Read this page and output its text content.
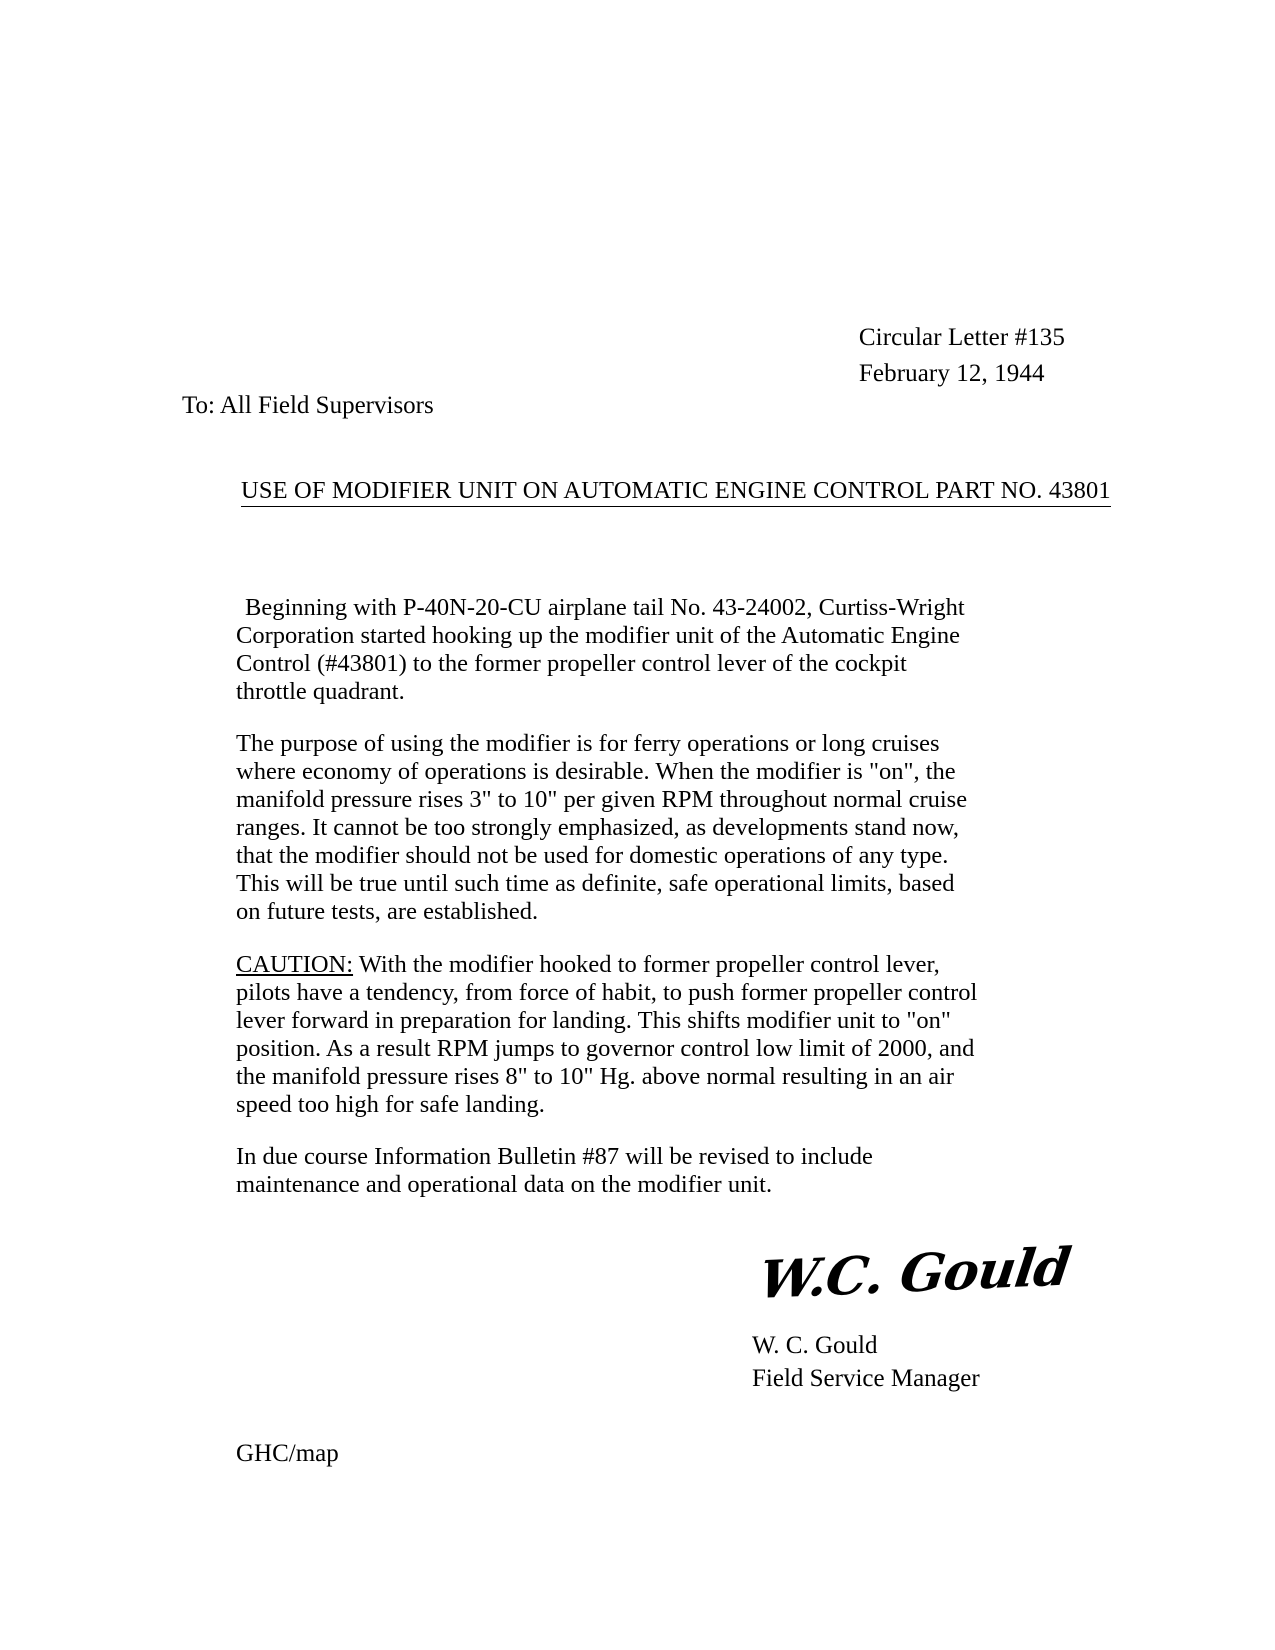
Circular Letter #135
February 12, 1944
To: All Field Supervisors
USE OF MODIFIER UNIT ON AUTOMATIC ENGINE CONTROL PART NO. 43801

Beginning with P-40N-20-CU airplane tail No. 43-24002, Curtiss-Wright Corporation started hooking up the modifier unit of the Automatic Engine Control (#43801) to the former propeller control lever of the cockpit throttle quadrant.

The purpose of using the modifier is for ferry operations or long cruises where economy of operations is desirable. When the modifier is "on", the manifold pressure rises 3" to 10" per given RPM throughout normal cruise ranges. It cannot be too strongly emphasized, as developments stand now, that the modifier should not be used for domestic operations of any type. This will be true until such time as definite, safe operational limits, based on future tests, are established.

CAUTION: With the modifier hooked to former propeller control lever, pilots have a tendency, from force of habit, to push former propeller control lever forward in preparation for landing. This shifts modifier unit to "on" position. As a result RPM jumps to governor control low limit of 2000, and the manifold pressure rises 8" to 10" Hg. above normal resulting in an air speed too high for safe landing.

In due course Information Bulletin #87 will be revised to include maintenance and operational data on the modifier unit.

W.C. Gould
W. C. Gould
Field Service Manager
GHC/map
